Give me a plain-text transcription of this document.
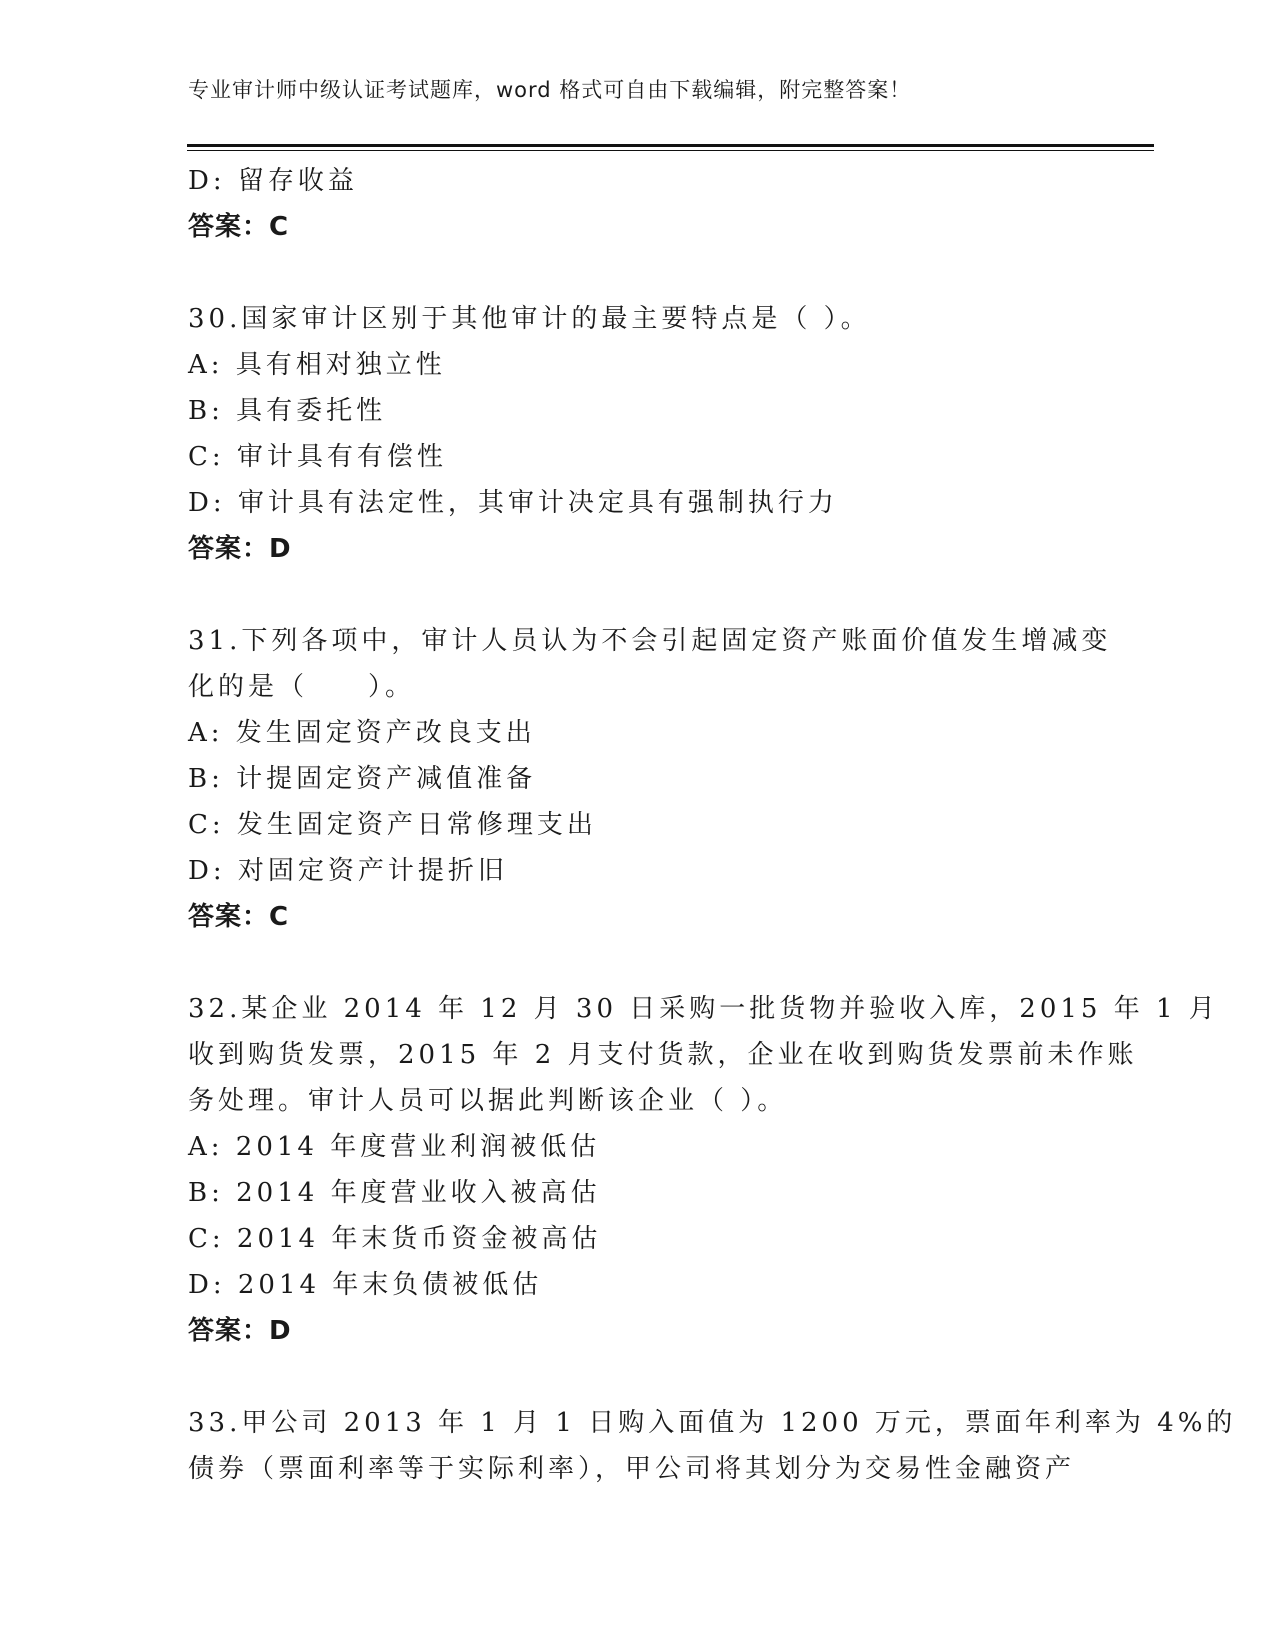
专业审计师中级认证考试题库，word 格式可自由下载编辑，附完整答案！
D: 留存收益
答案：C
30.国家审计区别于其他审计的最主要特点是（ ）。
A: 具有相对独立性
B: 具有委托性
C: 审计具有有偿性
D: 审计具有法定性，其审计决定具有强制执行力
答案：D
31.下列各项中，审计人员认为不会引起固定资产账面价值发生增减变
化的是（　　）。
A: 发生固定资产改良支出
B: 计提固定资产减值准备
C: 发生固定资产日常修理支出
D: 对固定资产计提折旧
答案：C
32.某企业 2014 年 12 月 30 日采购一批货物并验收入库，2015 年 1 月
收到购货发票，2015 年 2 月支付货款，企业在收到购货发票前未作账
务处理。审计人员可以据此判断该企业（ ）。
A: 2014 年度营业利润被低估
B: 2014 年度营业收入被高估
C: 2014 年末货币资金被高估
D: 2014 年末负债被低估
答案：D
33.甲公司 2013 年 1 月 1 日购入面值为 1200 万元，票面年利率为 4%的
债券（票面利率等于实际利率），甲公司将其划分为交易性金融资产
